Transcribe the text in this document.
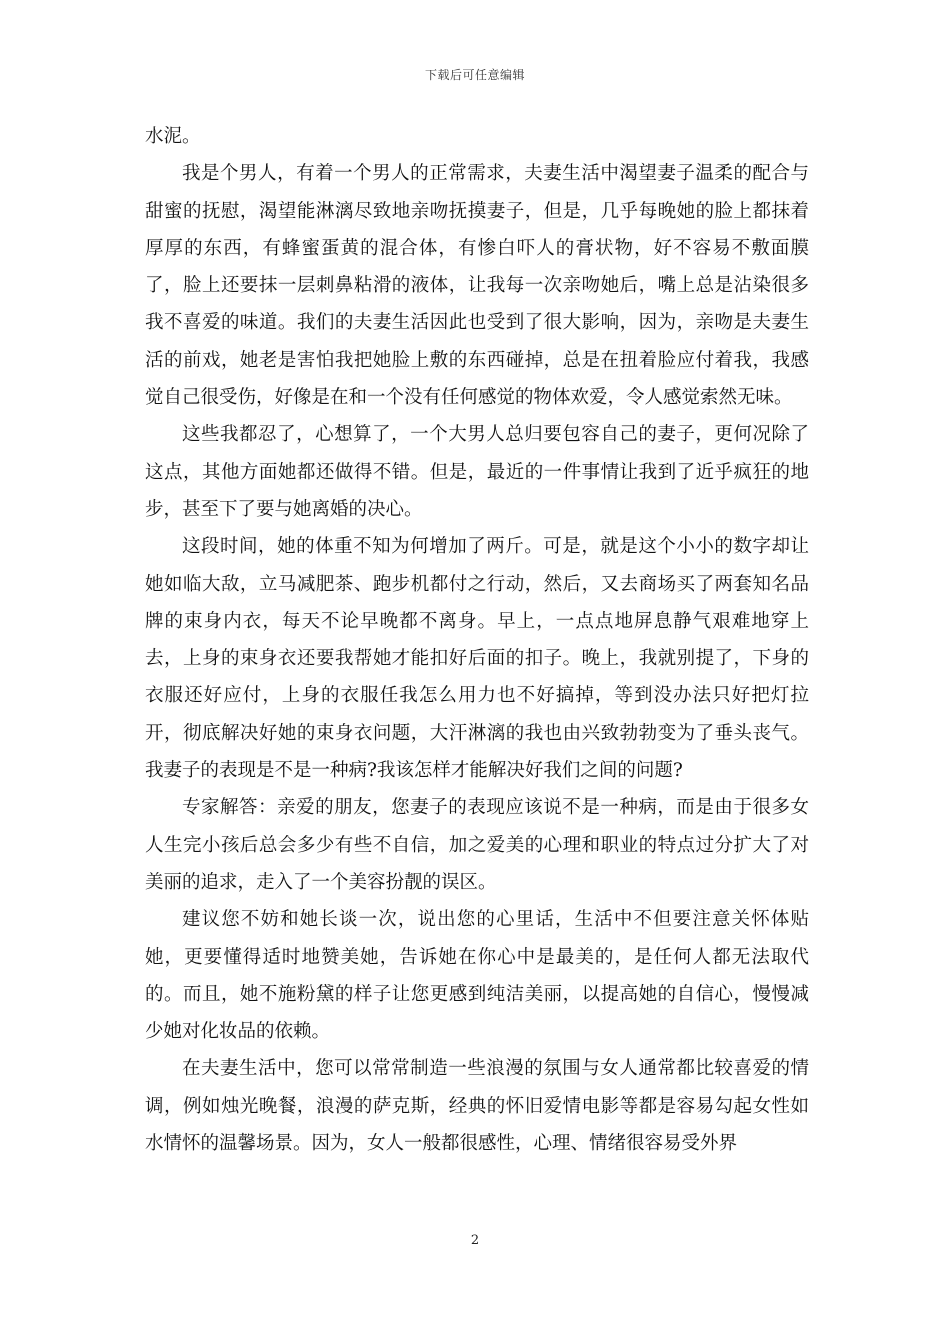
下载后可任意编辑

水泥。

我是个男人，有着一个男人的正常需求，夫妻生活中渴望妻子温柔的配合与甜蜜的抚慰，渴望能淋漓尽致地亲吻抚摸妻子，但是，几乎每晚她的脸上都抹着厚厚的东西，有蜂蜜蛋黄的混合体，有惨白吓人的膏状物，好不容易不敷面膜了，脸上还要抹一层刺鼻粘滑的液体，让我每一次亲吻她后，嘴上总是沾染很多我不喜爱的味道。我们的夫妻生活因此也受到了很大影响，因为，亲吻是夫妻生活的前戏，她老是害怕我把她脸上敷的东西碰掉，总是在扭着脸应付着我，我感觉自己很受伤，好像是在和一个没有任何感觉的物体欢爱，令人感觉索然无味。

这些我都忍了，心想算了，一个大男人总归要包容自己的妻子，更何况除了这点，其他方面她都还做得不错。但是，最近的一件事情让我到了近乎疯狂的地步，甚至下了要与她离婚的决心。

这段时间，她的体重不知为何增加了两斤。可是，就是这个小小的数字却让她如临大敌，立马减肥茶、跑步机都付之行动，然后，又去商场买了两套知名品牌的束身内衣，每天不论早晚都不离身。早上，一点点地屏息静气艰难地穿上去，上身的束身衣还要我帮她才能扣好后面的扣子。晚上，我就别提了，下身的衣服还好应付，上身的衣服任我怎么用力也不好搞掉，等到没办法只好把灯拉开，彻底解决好她的束身衣问题，大汗淋漓的我也由兴致勃勃变为了垂头丧气。我妻子的表现是不是一种病?我该怎样才能解决好我们之间的问题?

专家解答：亲爱的朋友，您妻子的表现应该说不是一种病，而是由于很多女人生完小孩后总会多少有些不自信，加之爱美的心理和职业的特点过分扩大了对美丽的追求，走入了一个美容扮靓的误区。

建议您不妨和她长谈一次，说出您的心里话，生活中不但要注意关怀体贴她，更要懂得适时地赞美她，告诉她在你心中是最美的，是任何人都无法取代的。而且，她不施粉黛的样子让您更感到纯洁美丽，以提高她的自信心，慢慢减少她对化妆品的依赖。

在夫妻生活中，您可以常常制造一些浪漫的氛围与女人通常都比较喜爱的情调，例如烛光晚餐，浪漫的萨克斯，经典的怀旧爱情电影等都是容易勾起女性如水情怀的温馨场景。因为，女人一般都很感性，心理、情绪很容易受外界

2
